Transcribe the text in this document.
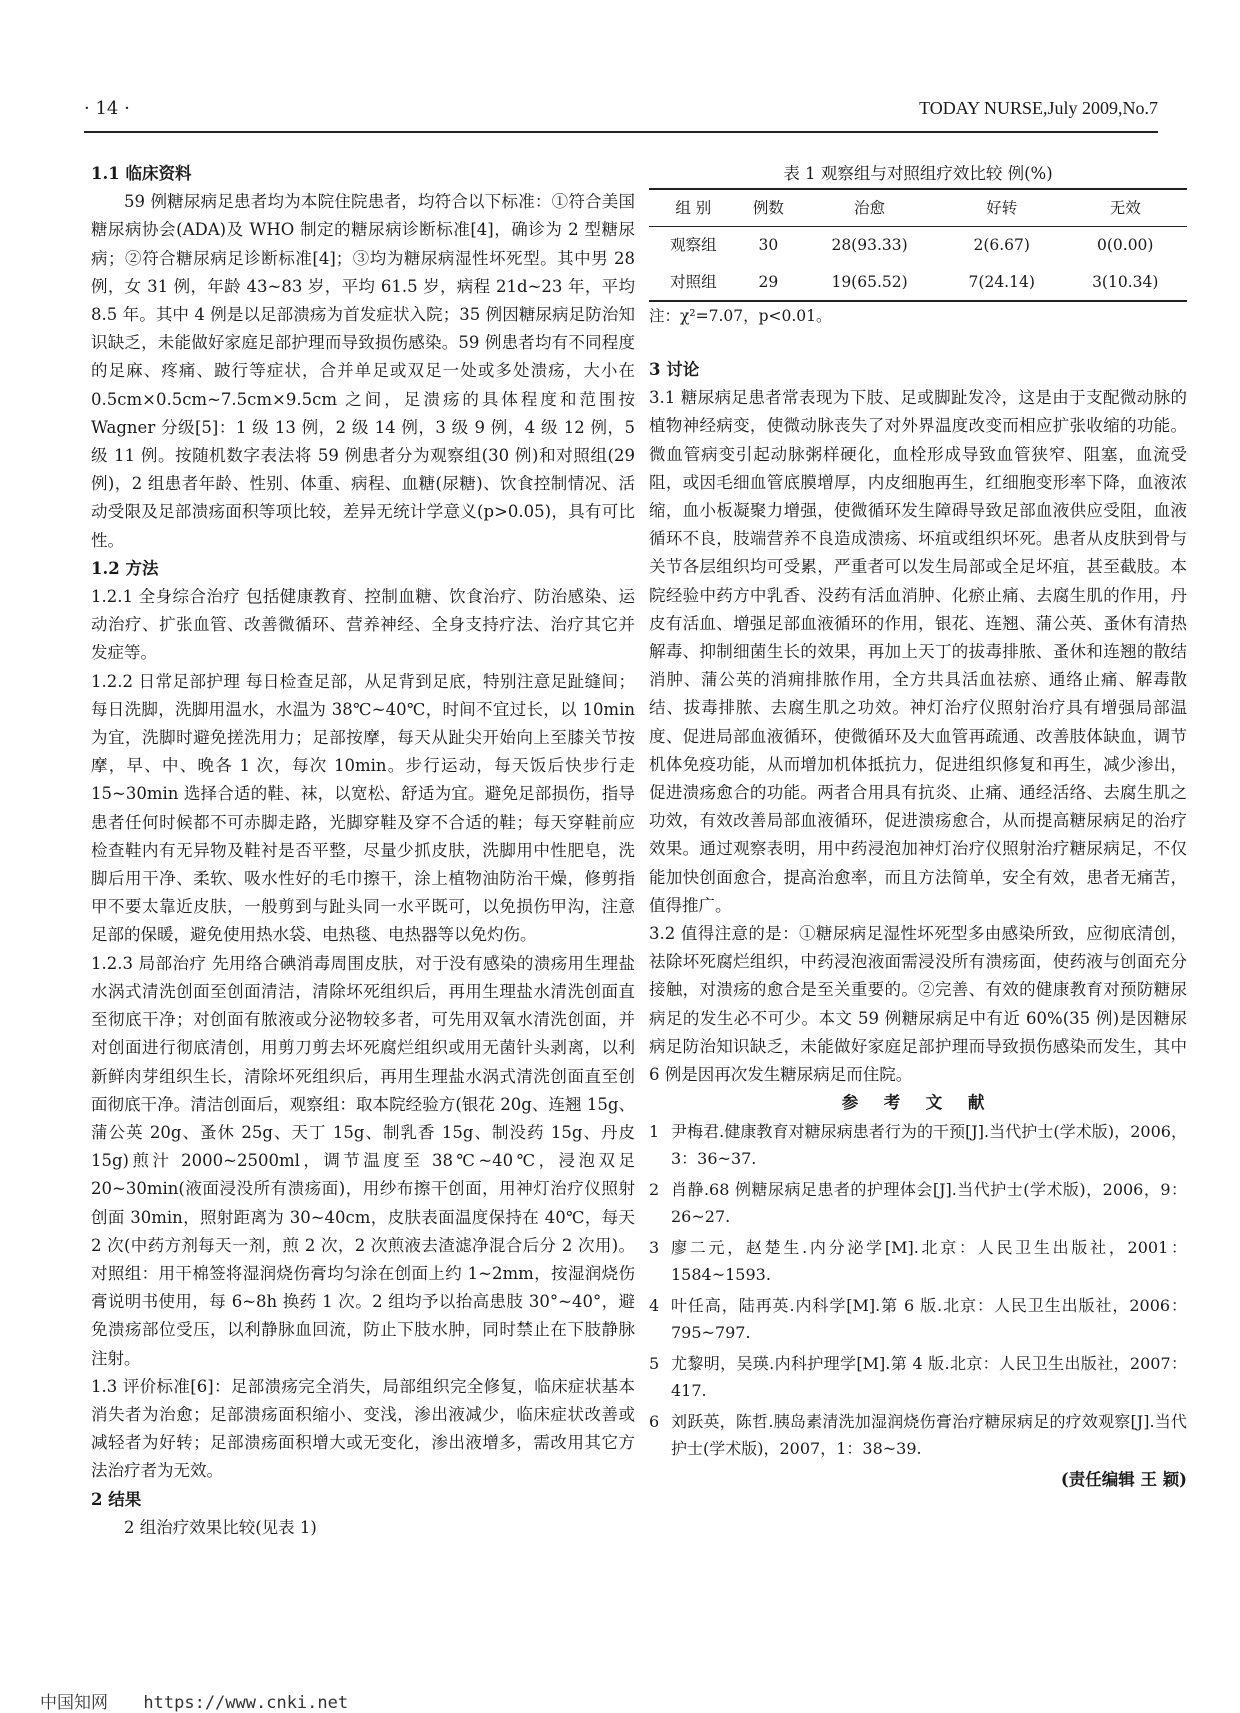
· 14 ·	TODAY NURSE,July 2009,No.7

1.1 临床资料

59 例糖尿病足患者均为本院住院患者，均符合以下标准：①符合美国糖尿病协会(ADA)及 WHO 制定的糖尿病诊断标准[4]，确诊为 2 型糖尿病；②符合糖尿病足诊断标准[4]；③均为糖尿病湿性坏死型。其中男 28 例，女 31 例，年龄 43~83 岁，平均 61.5 岁，病程 21d~23 年，平均 8.5 年。其中 4 例是以足部溃疡为首发症状入院；35 例因糖尿病足防治知识缺乏，未能做好家庭足部护理而导致损伤感染。59 例患者均有不同程度的足麻、疼痛、跛行等症状，合并单足或双足一处或多处溃疡，大小在 0.5cm×0.5cm~7.5cm×9.5cm 之间，足溃疡的具体程度和范围按 Wagner 分级[5]：1 级 13 例，2 级 14 例，3 级 9 例，4 级 12 例，5 级 11 例。按随机数字表法将 59 例患者分为观察组(30 例)和对照组(29 例)，2 组患者年龄、性别、体重、病程、血糖(尿糖)、饮食控制情况、活动受限及足部溃疡面积等项比较，差异无统计学意义(p>0.05)，具有可比性。

1.2 方法

1.2.1 全身综合治疗 包括健康教育、控制血糖、饮食治疗、防治感染、运动治疗、扩张血管、改善微循环、营养神经、全身支持疗法、治疗其它并发症等。

1.2.2 日常足部护理 每日检查足部，从足背到足底，特别注意足趾缝间；每日洗脚，洗脚用温水，水温为 38℃~40℃，时间不宜过长，以 10min 为宜，洗脚时避免搓洗用力；足部按摩，每天从趾尖开始向上至膝关节按摩，早、中、晚各 1 次，每次 10min。步行运动，每天饭后快步行走 15~30min 选择合适的鞋、袜，以宽松、舒适为宜。避免足部损伤，指导患者任何时候都不可赤脚走路，光脚穿鞋及穿不合适的鞋；每天穿鞋前应检查鞋内有无异物及鞋衬是否平整，尽量少抓皮肤，洗脚用中性肥皂，洗脚后用干净、柔软、吸水性好的毛巾擦干，涂上植物油防治干燥，修剪指甲不要太靠近皮肤，一般剪到与趾头同一水平既可，以免损伤甲沟，注意足部的保暖，避免使用热水袋、电热毯、电热器等以免灼伤。

1.2.3 局部治疗 先用络合碘消毒周围皮肤，对于没有感染的溃疡用生理盐水涡式清洗创面至创面清洁，清除坏死组织后，再用生理盐水清洗创面直至彻底干净；对创面有脓液或分泌物较多者，可先用双氧水清洗创面，并对创面进行彻底清创，用剪刀剪去坏死腐烂组织或用无菌针头剥离，以利新鲜肉芽组织生长，清除坏死组织后，再用生理盐水涡式清洗创面直至创面彻底干净。清洁创面后，观察组：取本院经验方(银花 20g、连翘 15g、蒲公英 20g、蚤休 25g、天丁 15g、制乳香 15g、制没药 15g、丹皮 15g)煎汁 2000~2500ml，调节温度至 38℃~40℃，浸泡双足 20~30min(液面浸没所有溃疡面)，用纱布擦干创面，用神灯治疗仪照射创面 30min，照射距离为 30~40cm，皮肤表面温度保持在 40℃，每天 2 次(中药方剂每天一剂，煎 2 次，2 次煎液去渣滤净混合后分 2 次用)。对照组：用干棉签将湿润烧伤膏均匀涂在创面上约 1~2mm，按湿润烧伤膏说明书使用，每 6~8h 换药 1 次。2 组均予以抬高患肢 30°~40°，避免溃疡部位受压，以利静脉血回流，防止下肢水肿，同时禁止在下肢静脉注射。

1.3 评价标准[6]：足部溃疡完全消失，局部组织完全修复，临床症状基本消失者为治愈；足部溃疡面积缩小、变浅，渗出液减少，临床症状改善或减轻者为好转；足部溃疡面积增大或无变化，渗出液增多，需改用其它方法治疗者为无效。

2 结果

2 组治疗效果比较(见表 1)

表 1 观察组与对照组疗效比较 例(%)

组 别	例数	治愈	好转	无效
观察组	30	28(93.33)	2(6.67)	0(0.00)
对照组	29	19(65.52)	7(24.14)	3(10.34)

注：χ²=7.07，p<0.01。

3 讨论

3.1 糖尿病足患者常表现为下肢、足或脚趾发冷，这是由于支配微动脉的植物神经病变，使微动脉丧失了对外界温度改变而相应扩张收缩的功能。微血管病变引起动脉粥样硬化，血栓形成导致血管狭窄、阻塞，血流受阻，或因毛细血管底膜增厚，内皮细胞再生，红细胞变形率下降，血液浓缩，血小板凝聚力增强，使微循环发生障碍导致足部血液供应受阻，血液循环不良，肢端营养不良造成溃疡、坏疽或组织坏死。患者从皮肤到骨与关节各层组织均可受累，严重者可以发生局部或全足坏疽，甚至截肢。本院经验中药方中乳香、没药有活血消肿、化瘀止痛、去腐生肌的作用，丹皮有活血、增强足部血液循环的作用，银花、连翘、蒲公英、蚤休有清热解毒、抑制细菌生长的效果，再加上天丁的拔毒排脓、蚤休和连翘的散结消肿、蒲公英的消痈排脓作用，全方共具活血祛瘀、通络止痛、解毒散结、拔毒排脓、去腐生肌之功效。神灯治疗仪照射治疗具有增强局部温度、促进局部血液循环，使微循环及大血管再疏通、改善肢体缺血，调节机体免疫功能，从而增加机体抵抗力，促进组织修复和再生，减少渗出，促进溃疡愈合的功能。两者合用具有抗炎、止痛、通经活络、去腐生肌之功效，有效改善局部血液循环，促进溃疡愈合，从而提高糖尿病足的治疗效果。通过观察表明，用中药浸泡加神灯治疗仪照射治疗糖尿病足，不仅能加快创面愈合，提高治愈率，而且方法简单，安全有效，患者无痛苦，值得推广。

3.2 值得注意的是：①糖尿病足湿性坏死型多由感染所致，应彻底清创，祛除坏死腐烂组织，中药浸泡液面需浸没所有溃疡面，使药液与创面充分接触，对溃疡的愈合是至关重要的。②完善、有效的健康教育对预防糖尿病足的发生必不可少。本文 59 例糖尿病足中有近 60%(35 例)是因糖尿病足防治知识缺乏，未能做好家庭足部护理而导致损伤感染而发生，其中 6 例是因再次发生糖尿病足而住院。

参 考 文 献

1 尹梅君.健康教育对糖尿病患者行为的干预[J].当代护士(学术版)，2006，3：36~37.
2 肖静.68 例糖尿病足患者的护理体会[J].当代护士(学术版)，2006，9：26~27.
3 廖二元，赵楚生.内分泌学[M].北京：人民卫生出版社，2001：1584~1593.
4 叶任高，陆再英.内科学[M].第 6 版.北京：人民卫生出版社，2006：795~797.
5 尤黎明，吴瑛.内科护理学[M].第 4 版.北京：人民卫生出版社，2007：417.
6 刘跃英，陈哲.胰岛素清洗加湿润烧伤膏治疗糖尿病足的疗效观察[J].当代护士(学术版)，2007，1：38~39.

(责任编辑 王 颖)

中国知网 https://www.cnki.net
